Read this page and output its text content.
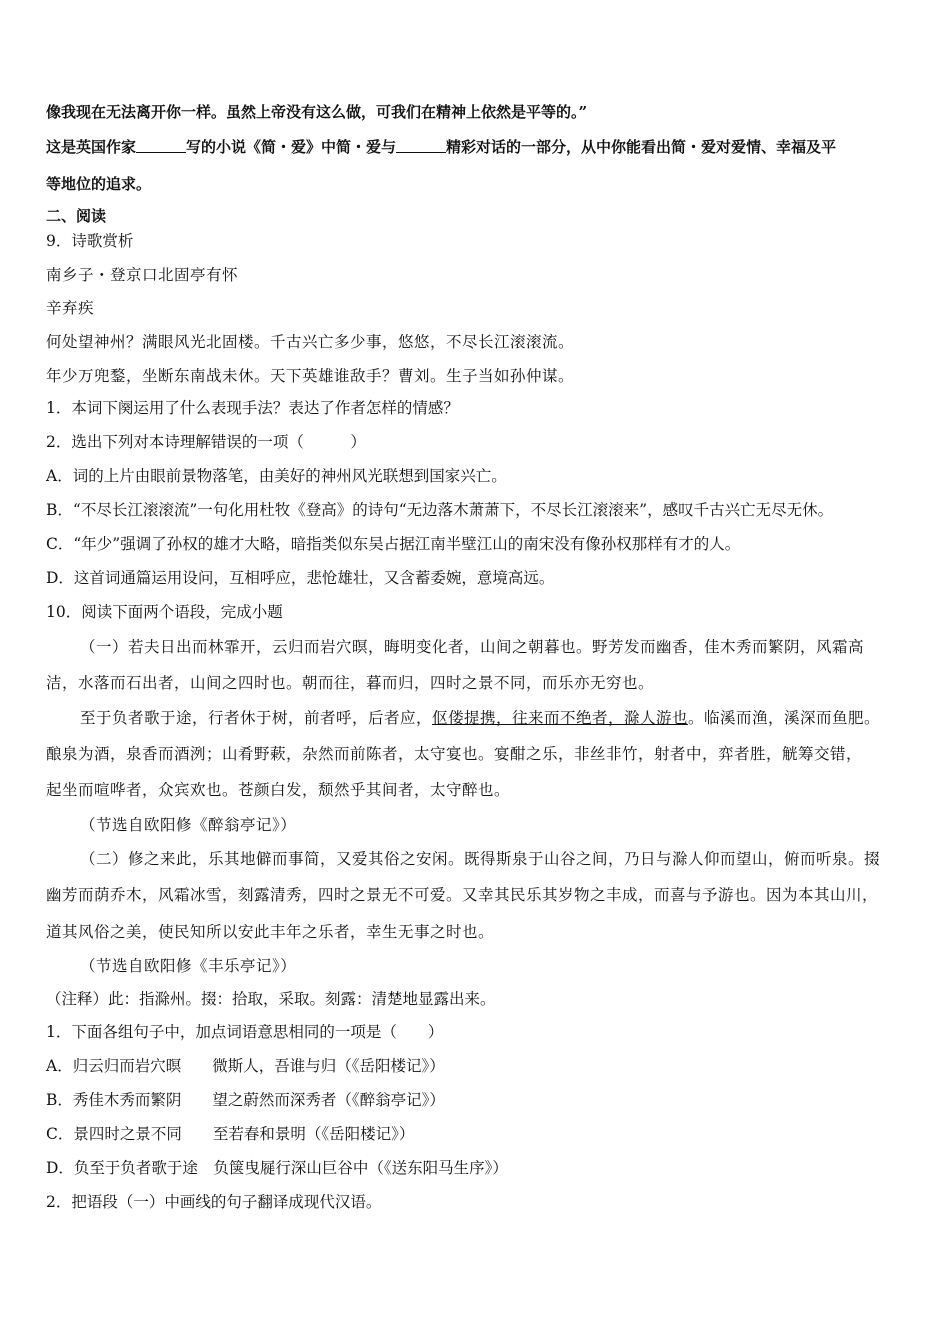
像我现在无法离开你一样。虽然上帝没有这么做，可我们在精神上依然是平等的。”
这是英国作家	写的小说《简・爱》中简・爱与	精彩对话的一部分，从中你能看出简・爱对爱情、幸福及平
等地位的追求。
二、阅读
9．诗歌赏析
南乡子・登京口北固亭有怀
辛弃疾
何处望神州？满眼风光北固楼。千古兴亡多少事，悠悠，不尽长江滚滚流。
年少万兜鍪，坐断东南战未休。天下英雄谁敌手？曹刘。生子当如孙仲谋。
1．本词下阕运用了什么表现手法？表达了作者怎样的情感？
2．选出下列对本诗理解错误的一项（　　　）
A．词的上片由眼前景物落笔，由美好的神州风光联想到国家兴亡。
B．“不尽长江滚滚流”一句化用杜牧《登高》的诗句“无边落木萧萧下，不尽长江滚滚来”，感叹千古兴亡无尽无休。
C．“年少”强调了孙权的雄才大略，暗指类似东吴占据江南半壁江山的南宋没有像孙权那样有才的人。
D．这首词通篇运用设问，互相呼应，悲怆雄壮，又含蓄委婉，意境高远。
10．阅读下面两个语段，完成小题
（一）若夫日出而林霏开，云归而岩穴暝，晦明变化者，山间之朝暮也。野芳发而幽香，佳木秀而繁阴，风霜高
洁，水落而石出者，山间之四时也。朝而往，暮而归，四时之景不同，而乐亦无穷也。
至于负者歌于途，行者休于树，前者呼，后者应，伛偻提携，往来而不绝者，滁人游也。临溪而渔，溪深而鱼肥。
酿泉为酒，泉香而酒洌；山肴野蔌，杂然而前陈者，太守宴也。宴酣之乐，非丝非竹，射者中，弈者胜，觥筹交错，
起坐而喧哗者，众宾欢也。苍颜白发，颓然乎其间者，太守醉也。
（节选自欧阳修《醉翁亭记》）
（二）修之来此，乐其地僻而事简，又爱其俗之安闲。既得斯泉于山谷之间，乃日与滁人仰而望山，俯而听泉。掇
幽芳而荫乔木，风霜冰雪，刻露清秀，四时之景无不可爱。又幸其民乐其岁物之丰成，而喜与予游也。因为本其山川，
道其风俗之美，使民知所以安此丰年之乐者，幸生无事之时也。
（节选自欧阳修《丰乐亭记》）
（注释）此：指滁州。掇：拾取，采取。刻露：清楚地显露出来。
1．下面各组句子中，加点词语意思相同的一项是（　　）
A．归云归而岩穴暝　　微斯人，吾谁与归（《岳阳楼记》）
B．秀佳木秀而繁阴　　望之蔚然而深秀者（《醉翁亭记》）
C．景四时之景不同　　至若春和景明（《岳阳楼记》）
D．负至于负者歌于途　负箧曳屣行深山巨谷中（《送东阳马生序》）
2．把语段（一）中画线的句子翻译成现代汉语。
